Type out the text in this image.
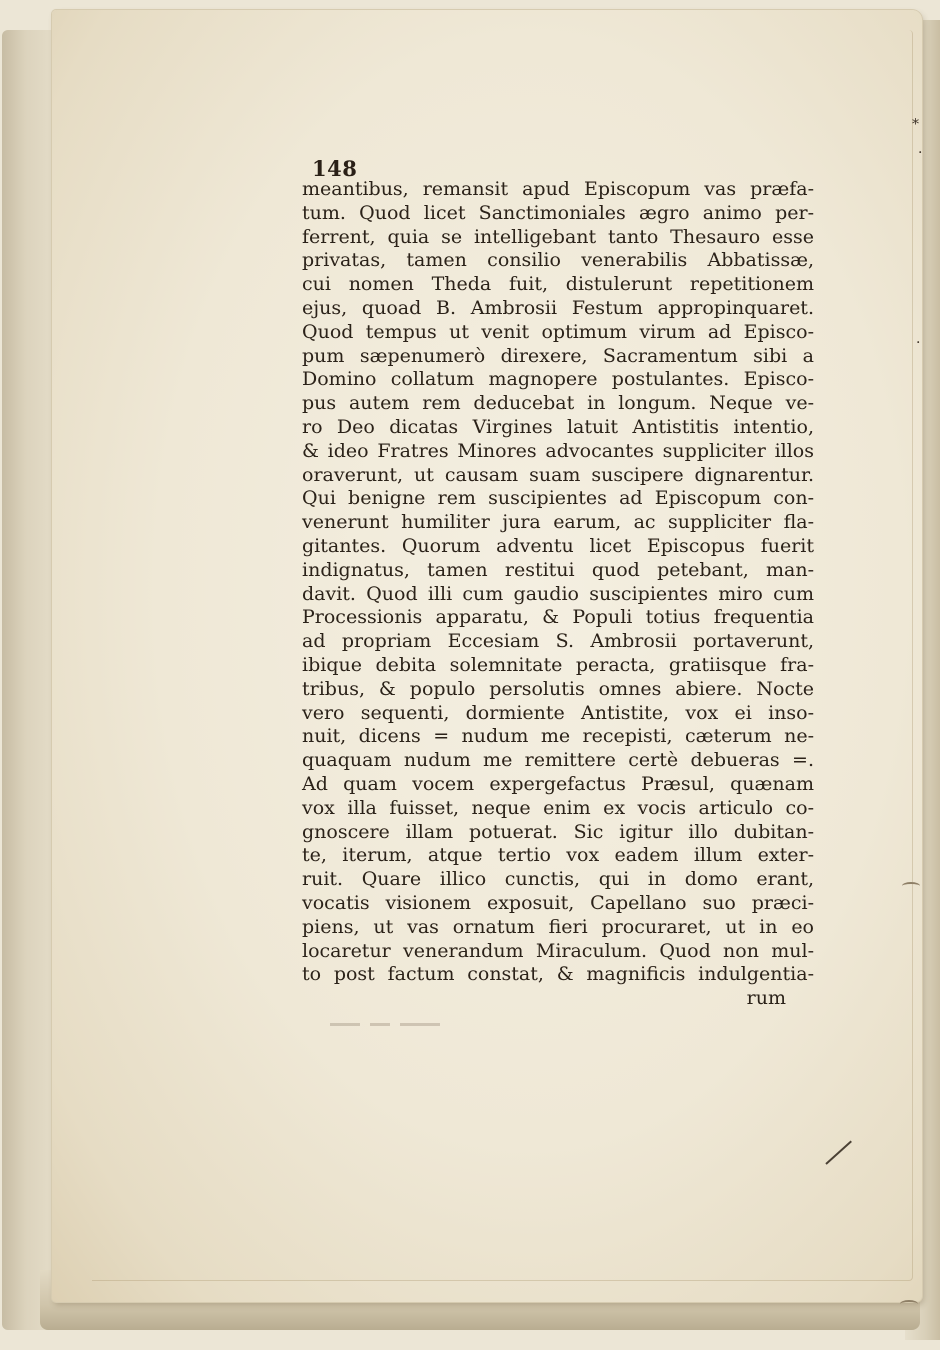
148
meantibus, remansit apud Episcopum vas præfa-
tum. Quod licet Sanctimoniales ægro animo per-
ferrent, quia se intelligebant tanto Thesauro esse
privatas, tamen consilio venerabilis Abbatissæ,
cui nomen Theda fuit, distulerunt repetitionem
ejus, quoad B. Ambrosii Festum appropinquaret.
Quod tempus ut venit optimum virum ad Episco-
pum sæpenumerò direxere, Sacramentum sibi a
Domino collatum magnopere postulantes. Episco-
pus autem rem deducebat in longum. Neque ve-
ro Deo dicatas Virgines latuit Antistitis intentio,
& ideo Fratres Minores advocantes suppliciter illos
oraverunt, ut causam suam suscipere dignarentur.
Qui benigne rem suscipientes ad Episcopum con-
venerunt humiliter jura earum, ac suppliciter fla-
gitantes. Quorum adventu licet Episcopus fuerit
indignatus, tamen restitui quod petebant, man-
davit. Quod illi cum gaudio suscipientes miro cum
Processionis apparatu, & Populi totius frequentia
ad propriam Eccesiam S. Ambrosii portaverunt,
ibique debita solemnitate peracta, gratiisque fra-
tribus, & populo persolutis omnes abiere. Nocte
vero sequenti, dormiente Antistite, vox ei inso-
nuit, dicens = nudum me recepisti, cæterum ne-
quaquam nudum me remittere certè debueras =.
Ad quam vocem expergefactus Præsul, quænam
vox illa fuisset, neque enim ex vocis articulo co-
gnoscere illam potuerat. Sic igitur illo dubitan-
te, iterum, atque tertio vox eadem illum exter-
ruit. Quare illico cunctis, qui in domo erant,
vocatis visionem exposuit, Capellano suo præci-
piens, ut vas ornatum fieri procuraret, ut in eo
locaretur venerandum Miraculum. Quod non mul-
to post factum constat, & magnificis indulgentia-
rum
⁎
·
·
